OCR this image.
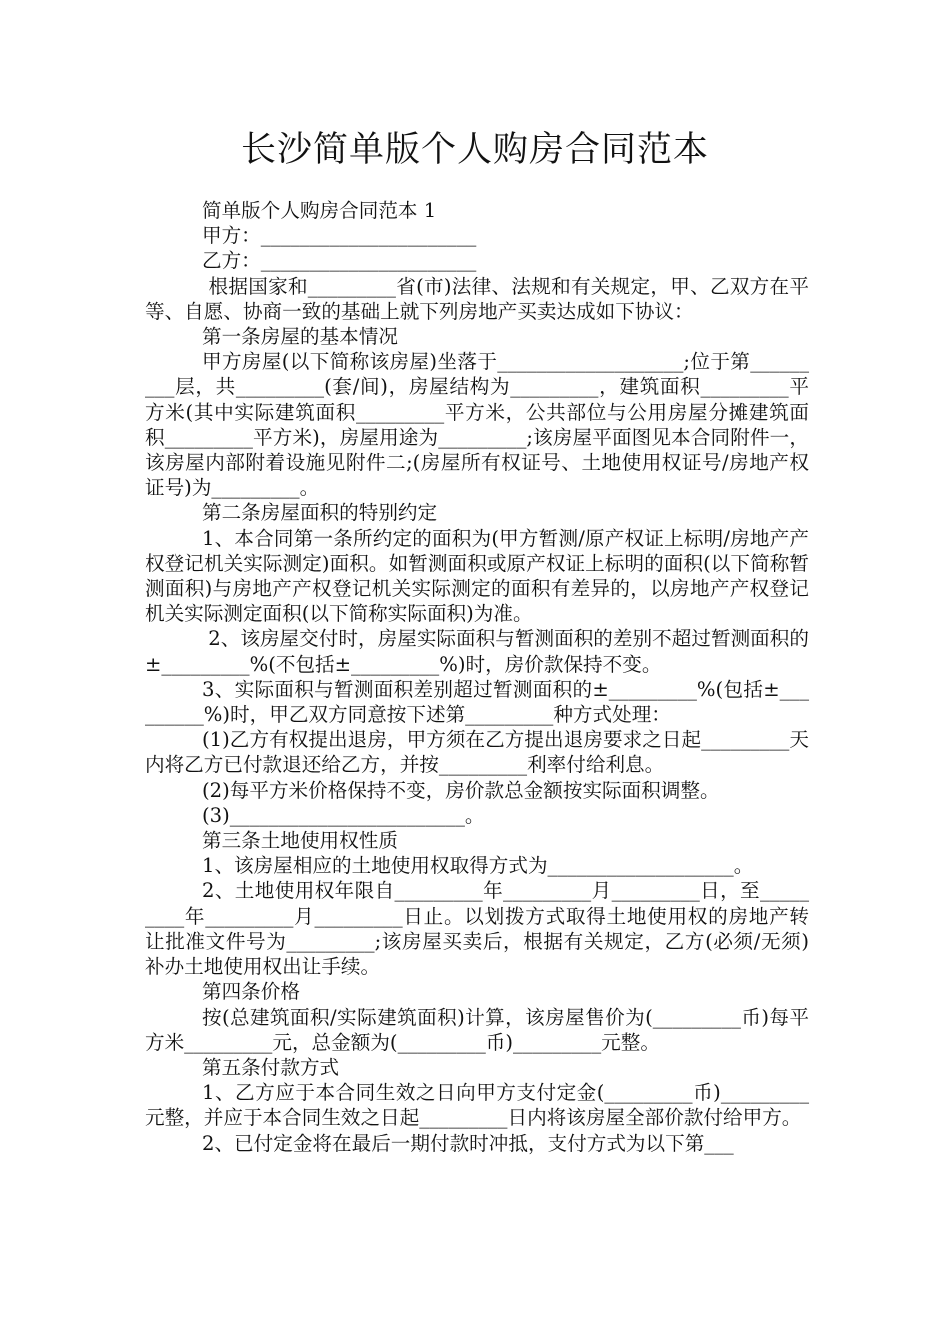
长沙简单版个人购房合同范本

简单版个人购房合同范本 1

甲方：______________________

乙方：______________________

根据国家和_________省(市)法律、法规和有关规定，甲、乙双方在平等、自愿、协商一致的基础上就下列房地产买卖达成如下协议：

第一条房屋的基本情况

甲方房屋(以下简称该房屋)坐落于___________________;位于第_________层，共_________(套/间)，房屋结构为_________，建筑面积_________平方米(其中实际建筑面积_________平方米，公共部位与公用房屋分摊建筑面积_________平方米)，房屋用途为_________;该房屋平面图见本合同附件一，该房屋内部附着设施见附件二;(房屋所有权证号、土地使用权证号/房地产权证号)为_________。

第二条房屋面积的特别约定

1、本合同第一条所约定的面积为(甲方暂测/原产权证上标明/房地产产权登记机关实际测定)面积。如暂测面积或原产权证上标明的面积(以下简称暂测面积)与房地产产权登记机关实际测定的面积有差异的，以房地产产权登记机关实际测定面积(以下简称实际面积)为准。

2、该房屋交付时，房屋实际面积与暂测面积的差别不超过暂测面积的±_________%(不包括±_________%)时，房价款保持不变。

3、实际面积与暂测面积差别超过暂测面积的±_________%(包括±_________%)时，甲乙双方同意按下述第_________种方式处理：

(1)乙方有权提出退房，甲方须在乙方提出退房要求之日起_________天内将乙方已付款退还给乙方，并按_________利率付给利息。

(2)每平方米价格保持不变，房价款总金额按实际面积调整。

(3)________________________。

第三条土地使用权性质

1、该房屋相应的土地使用权取得方式为___________________。

2、土地使用权年限自_________年_________月_________日，至_________年_________月_________日止。以划拨方式取得土地使用权的房地产转让批准文件号为_________;该房屋买卖后，根据有关规定，乙方(必须/无须)补办土地使用权出让手续。

第四条价格

按(总建筑面积/实际建筑面积)计算，该房屋售价为(_________币)每平方米_________元，总金额为(_________币)_________元整。

第五条付款方式

1、乙方应于本合同生效之日向甲方支付定金(_________币)_________元整，并应于本合同生效之日起_________日内将该房屋全部价款付给甲方。

2、已付定金将在最后一期付款时冲抵，支付方式为以下第___
